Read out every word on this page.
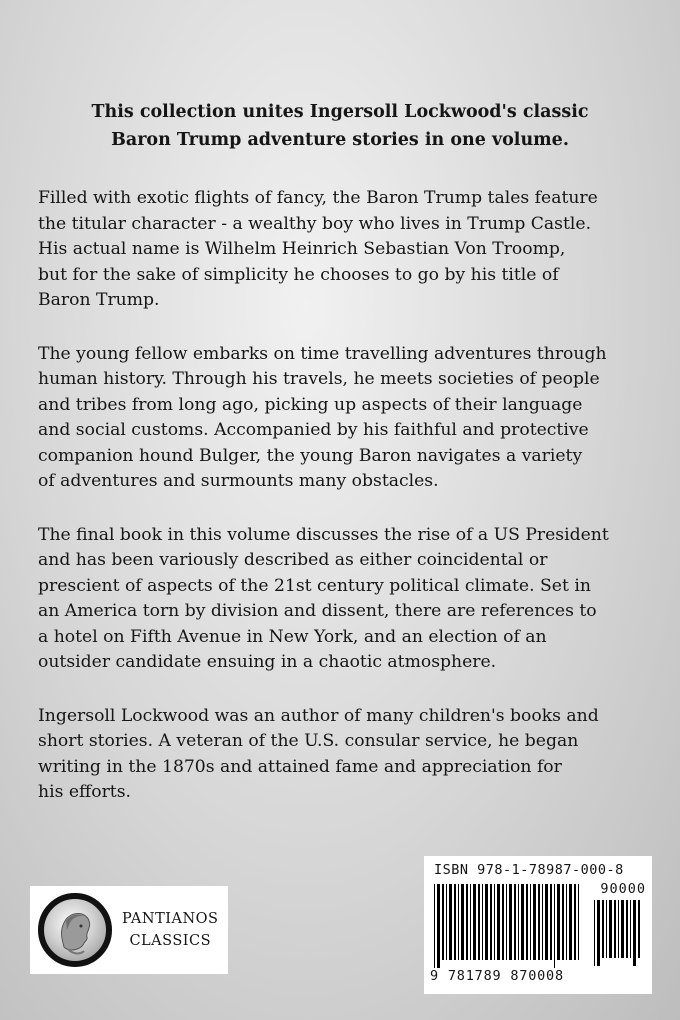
This collection unites Ingersoll Lockwood's classic
Baron Trump adventure stories in one volume.

Filled with exotic flights of fancy, the Baron Trump tales feature
the titular character - a wealthy boy who lives in Trump Castle.
His actual name is Wilhelm Heinrich Sebastian Von Troomp,
but for the sake of simplicity he chooses to go by his title of
Baron Trump.

The young fellow embarks on time travelling adventures through
human history. Through his travels, he meets societies of people
and tribes from long ago, picking up aspects of their language
and social customs. Accompanied by his faithful and protective
companion hound Bulger, the young Baron navigates a variety
of adventures and surmounts many obstacles.

The final book in this volume discusses the rise of a US President
and has been variously described as either coincidental or
prescient of aspects of the 21st century political climate. Set in
an America torn by division and dissent, there are references to
a hotel on Fifth Avenue in New York, and an election of an
outsider candidate ensuing in a chaotic atmosphere.

Ingersoll Lockwood was an author of many children's books and
short stories. A veteran of the U.S. consular service, he began
writing in the 1870s and attained fame and appreciation for
his efforts.

PANTIANOS
CLASSICS
ISBN 978-1-78987-000-8
90000
9 781789 870008
